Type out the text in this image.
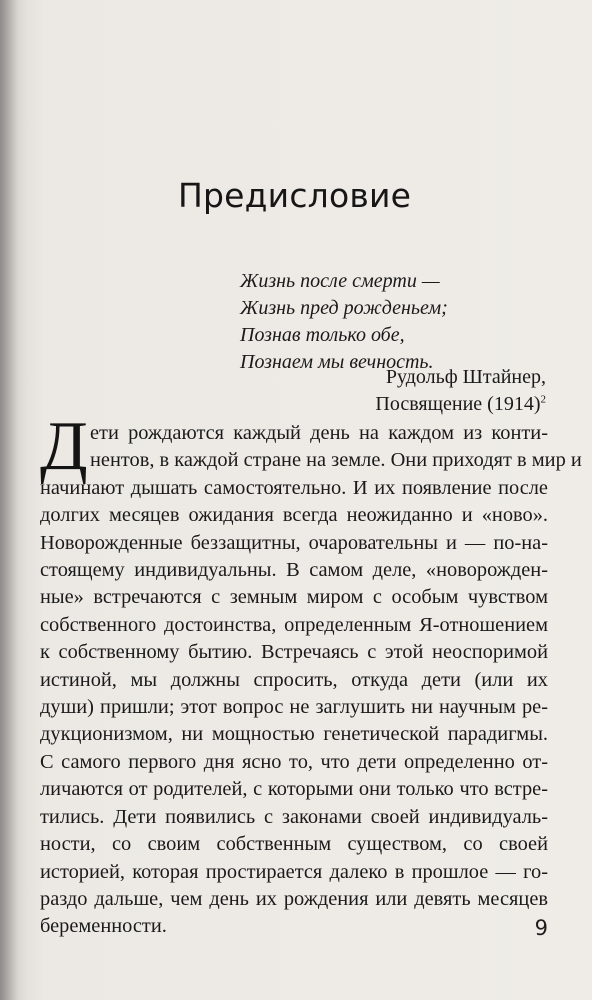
Предисловие
Жизнь после смерти —
Жизнь пред рожденьем;
Познав только обе,
Познаем мы вечность.
Рудольф Штайнер,
Посвящение $(1914)^2$
Д ети рождаются каждый день на каждом из конти-
нентов, в каждой стране на земле. Они приходят в мир и
начинают дышать самостоятельно. И их появление после
долгих месяцев ожидания всегда неожиданно и «ново».
Новорожденные беззащитны, очаровательны и — по-на-
стоящему индивидуальны. В самом деле, «новорожден-
ные» встречаются с земным миром с особым чувством
собственного достоинства, определенным Я-отношением
к собственному бытию. Встречаясь с этой неоспоримой
истиной, мы должны спросить, откуда дети (или их
души) пришли; этот вопрос не заглушить ни научным ре-
дукционизмом, ни мощностью генетической парадигмы.
С самого первого дня ясно то, что дети определенно от-
личаются от родителей, с которыми они только что встре-
тились. Дети появились с законами своей индивидуаль-
ности, со своим собственным существом, со своей
историей, которая простирается далеко в прошлое — го-
раздо дальше, чем день их рождения или девять месяцев
беременности.	9
